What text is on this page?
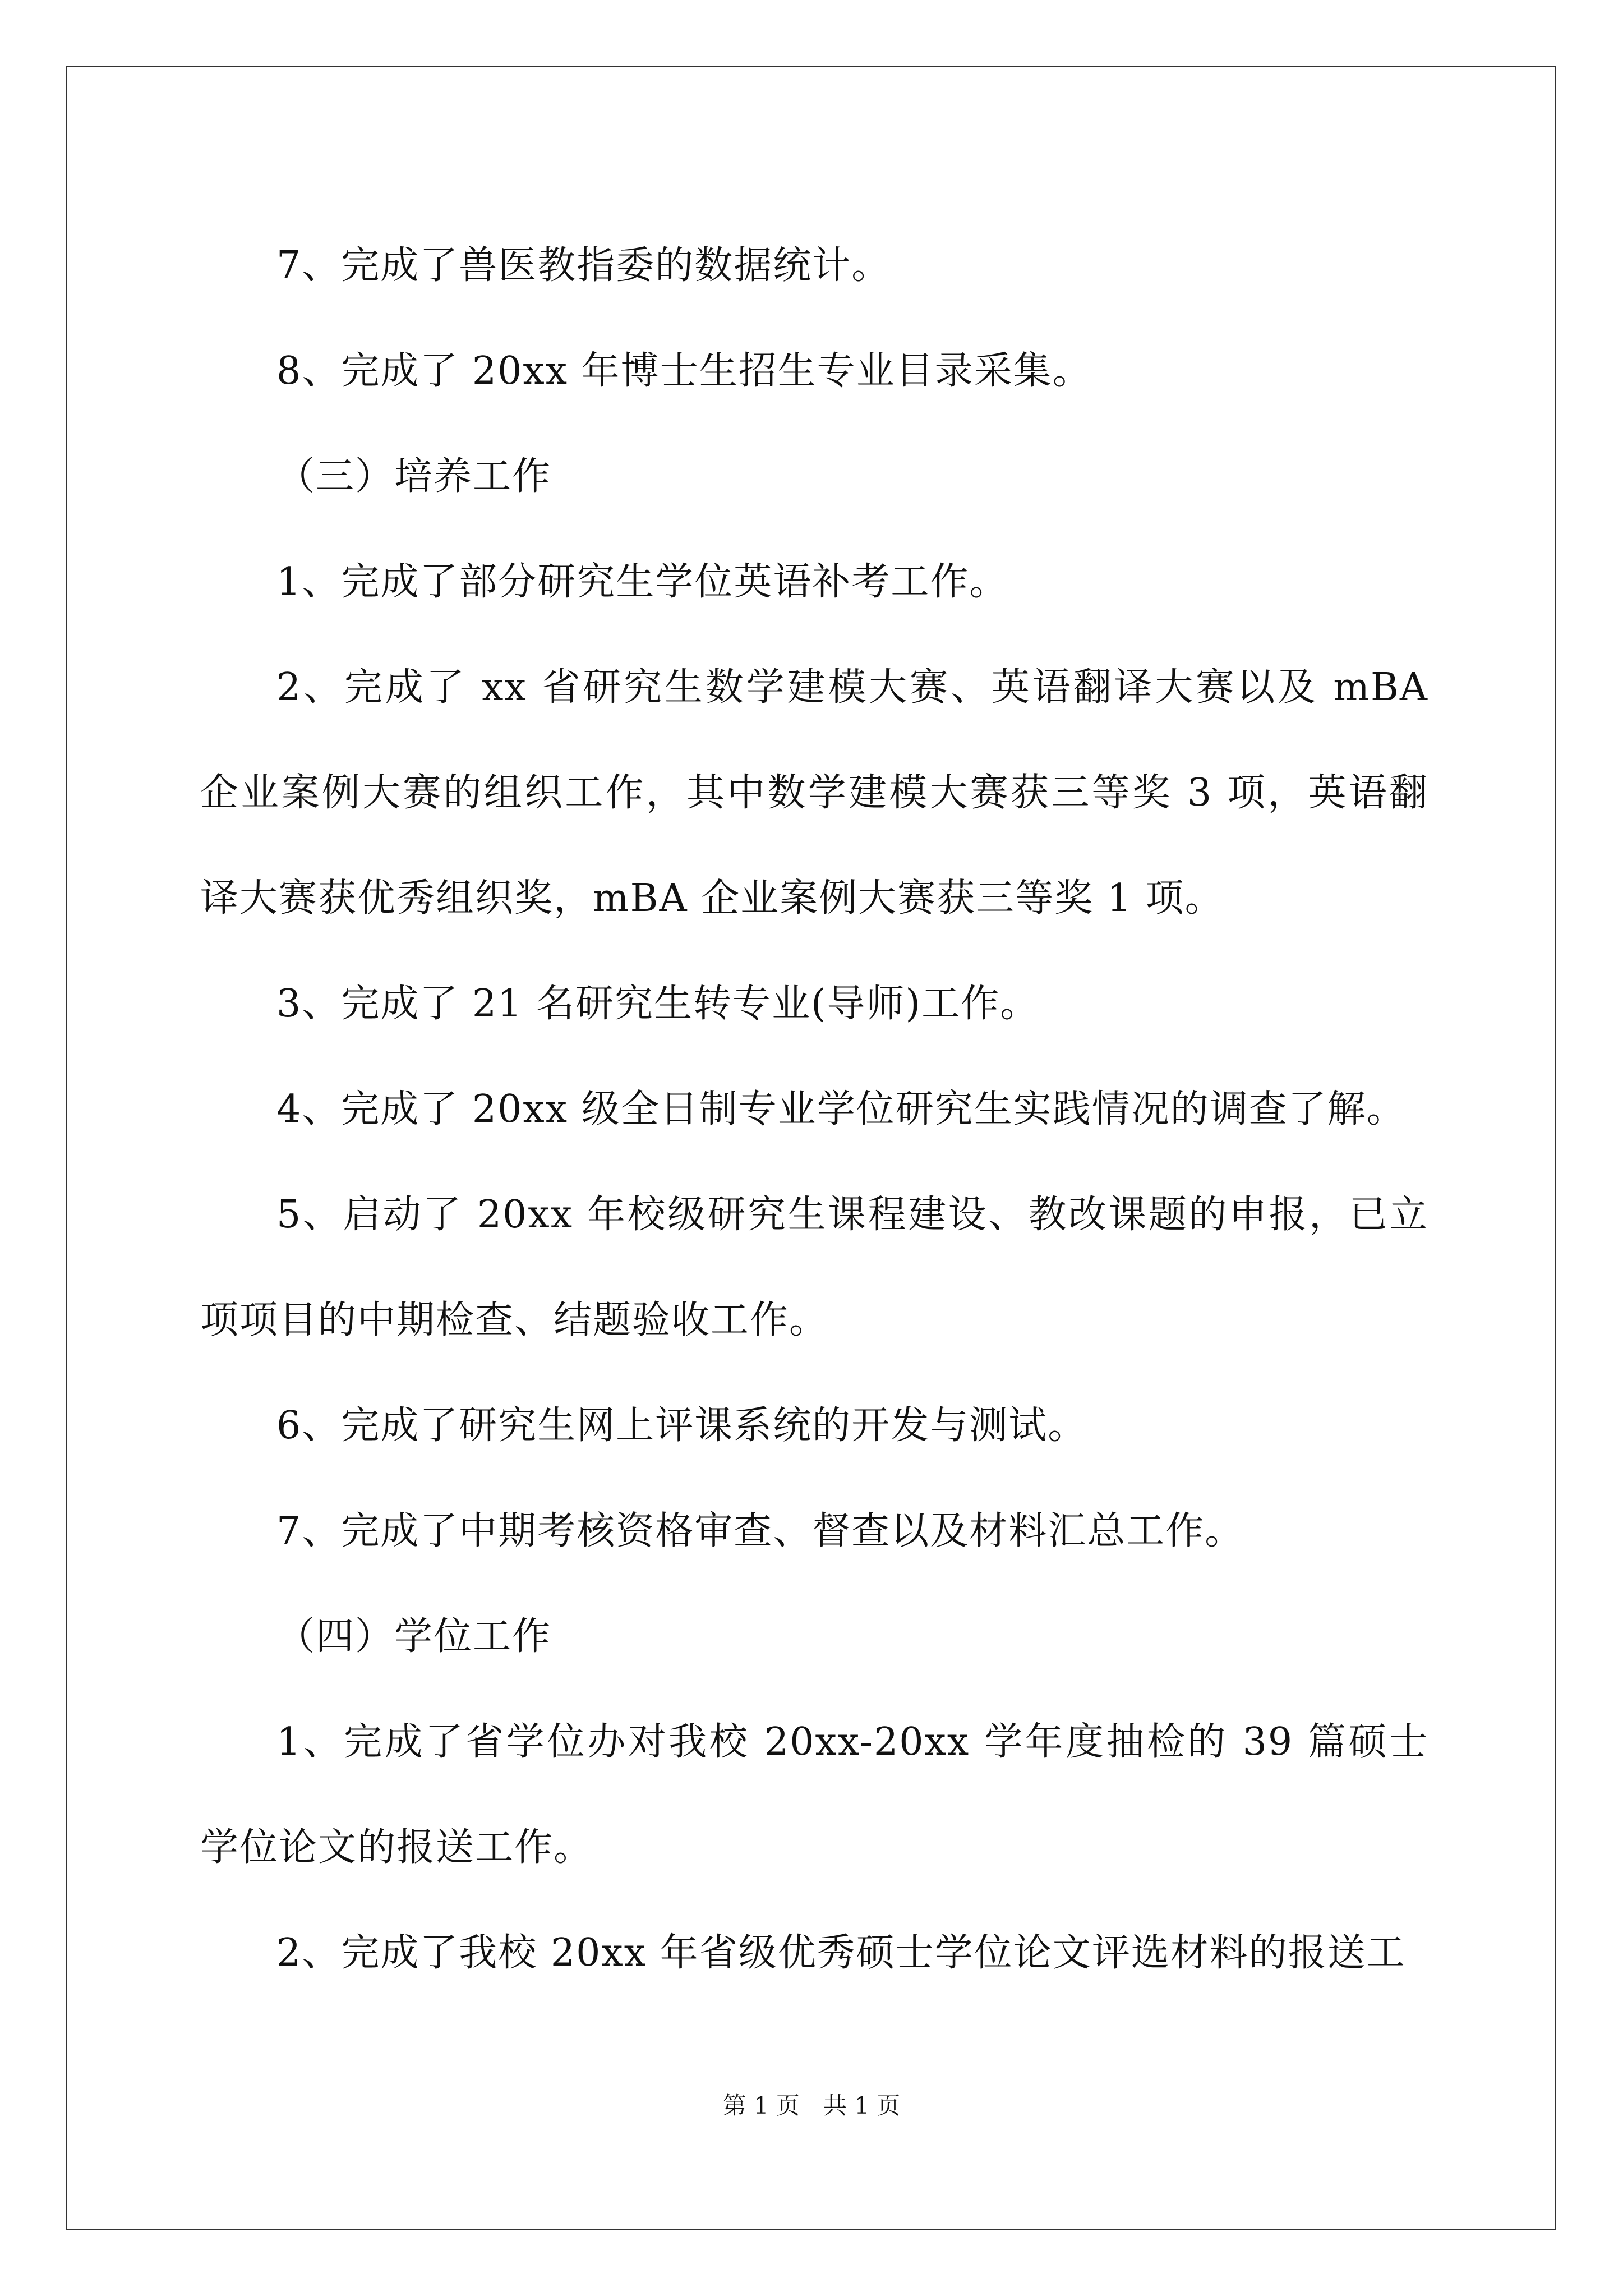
7、完成了兽医教指委的数据统计。

8、完成了 20xx 年博士生招生专业目录采集。

（三）培养工作

1、完成了部分研究生学位英语补考工作。

2、完成了 xx 省研究生数学建模大赛、英语翻译大赛以及 mBA 企业案例大赛的组织工作，其中数学建模大赛获三等奖 3 项，英语翻译大赛获优秀组织奖，mBA 企业案例大赛获三等奖 1 项。

3、完成了 21 名研究生转专业(导师)工作。

4、完成了 20xx 级全日制专业学位研究生实践情况的调查了解。

5、启动了 20xx 年校级研究生课程建设、教改课题的申报，已立项项目的中期检查、结题验收工作。

6、完成了研究生网上评课系统的开发与测试。

7、完成了中期考核资格审查、督查以及材料汇总工作。

（四）学位工作

1、完成了省学位办对我校 20xx-20xx 学年度抽检的 39 篇硕士学位论文的报送工作。

2、完成了我校 20xx 年省级优秀硕士学位论文评选材料的报送工

第 1 页　共 1 页
